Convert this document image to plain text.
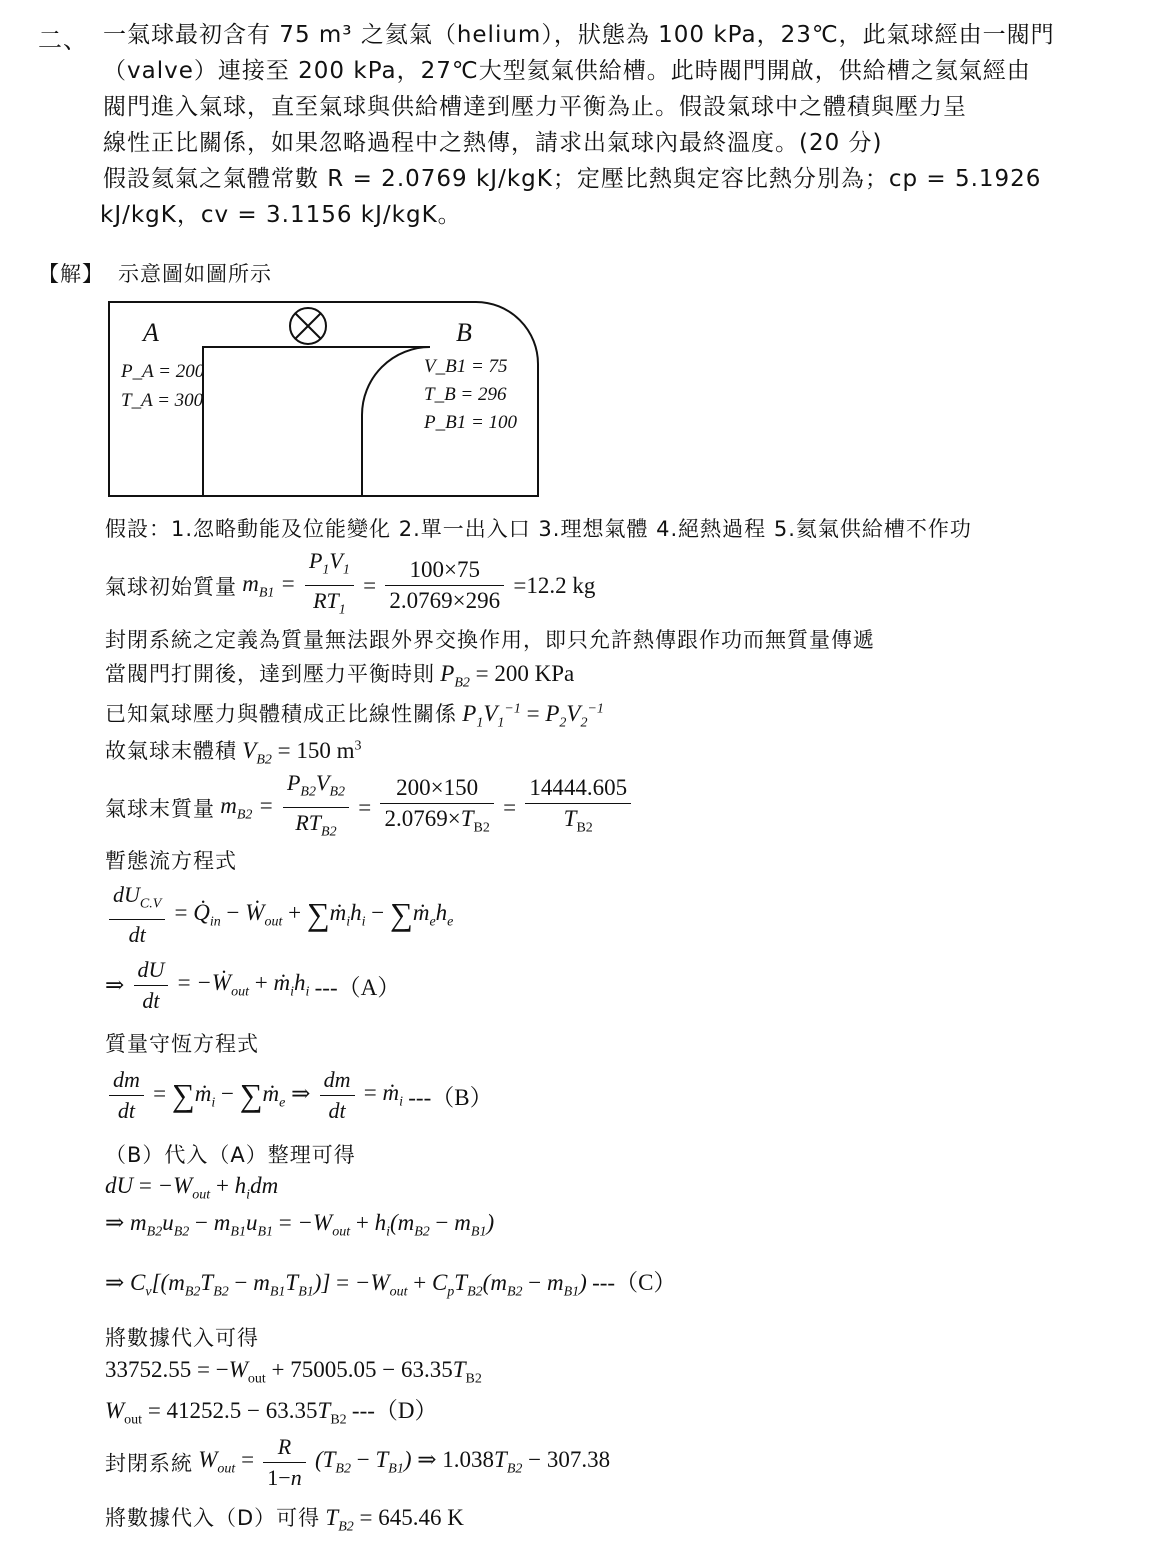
二、 一氣球最初含有 75 m³ 之氦氣（helium），狀態為 100 kPa，23℃，此氣球經由一閥門
（valve）連接至 200 kPa，27℃大型氦氣供給槽。此時閥門開啟，供給槽之氦氣經由
閥門進入氣球，直至氣球與供給槽達到壓力平衡為止。假設氣球中之體積與壓力呈
線性正比關係，如果忽略過程中之熱傳，請求出氣球內最終溫度。(20 分)
假設氦氣之氣體常數 R = 2.0769 kJ/kgK；定壓比熱與定容比熱分別為；cp = 5.1926
kJ/kgK，cv = 3.1156 kJ/kgK。
【解】 示意圖如圖所示
A	B
P_A = 200
T_A = 300
V_B1 = 75
T_B = 296
P_B1 = 100
假設：1.忽略動能及位能變化 2.單一出入口 3.理想氣體 4.絕熱過程 5.氦氣供給槽不作功
氣球初始質量 $m_{B1} = \frac{P_1V_1}{RT_1} = \frac{100\times 75}{2.0769\times 296} =12.2$ kg
封閉系統之定義為質量無法跟外界交換作用，即只允許熱傳跟作功而無質量傳遞
當閥門打開後，達到壓力平衡時則 $P_{B2} = 200$ KPa
已知氣球壓力與體積成正比線性關係 $P_1V_1^{-1} = P_2V_2^{-1}$
故氣球末體積 $V_{B2} = 150$ $m^3$
氣球末質量 $m_{B2} = \frac{P_{B2}V_{B2}}{RT_{B2}} = \frac{200\times 150}{2.0769\times T_{B2}} = \frac{14444.605}{T_{B2}}$
暫態流方程式
$\frac{dU_{C.V}}{dt}$ = $Q̇_{in}$ − Ẇ$_{out}$ + $\sum ṁ_ih_i$ − $\sum ṁ_eh_e$
⇒ $\frac{dU}{dt}$ = −Ẇ$_{out}$ + $ṁ_ih_i$ ---（A）
質量守恆方程式
$\frac{dm}{dt}$ = ∑ṁ$_i$ − ∑ṁ$_e$ ⇒ $\frac{dm}{dt}$ = ṁ$_i$ ---（B）
（B）代入（A）整理可得
dU = $-W_{out} + h_idm$
⇒ $m_{B2}u_{B2} - m_{B1}u_{B1} = -W_{out} + h_i(m_{B2} - m_{B1})$
⇒ $C_v[(m_{B2}T_{B2} - m_{B1}T_{B1})] = -W_{out} + C_pT_{B2}(m_{B2} - m_{B1})$ ---（C）
將數據代入可得
$33752.55 = -W_{out} + 75005.05 - 63.35T_{B2}$
$W_{out} = 41252.5 - 63.35T_{B2}$ ---（D）
封閉系統 $W_{out} = \frac{R}{1-n} (T_{B2} - T_{B1})$ ⇒ $1.038T_{B2} - 307.38$
將數據代入（D）可得 $T_{B2} = 645.46$ K
